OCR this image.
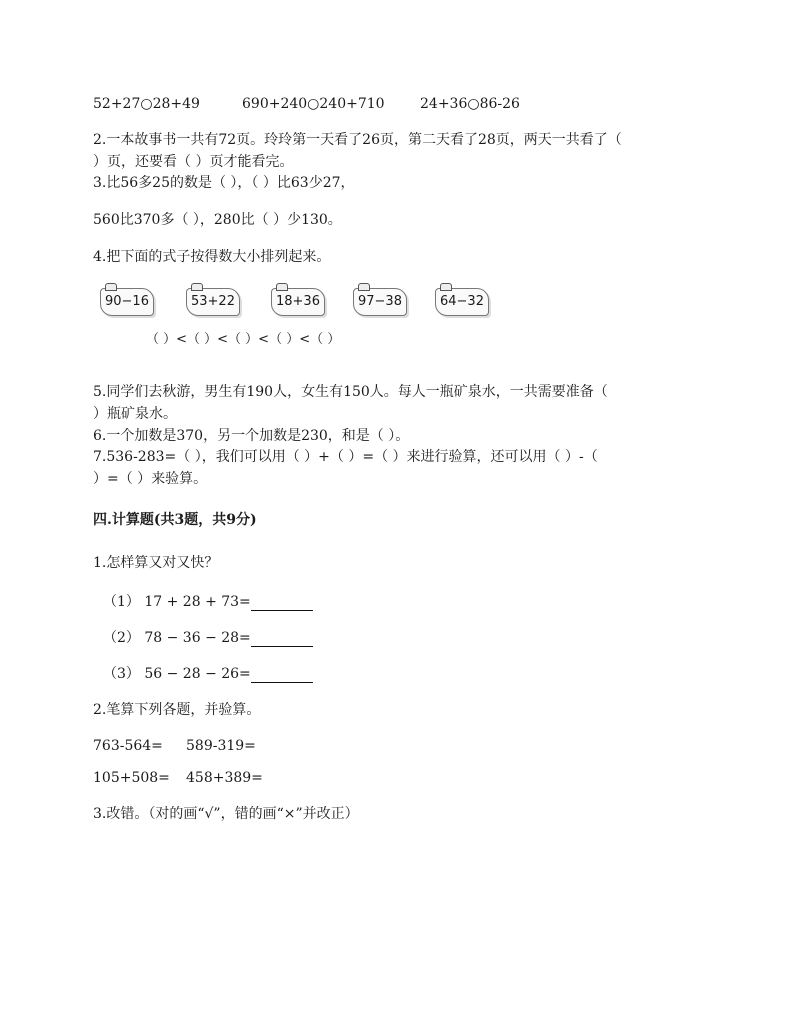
52+27○28+49	690+240○240+710	24+36○86-26
2.一本故事书一共有72页。玲玲第一天看了26页，第二天看了28页，两天一共看了（
）页，还要看（ ）页才能看完。
3.比56多25的数是（ ），（ ）比63少27，
560比370多（ ），280比（ ）少130。
4.把下面的式子按得数大小排列起来。
90−16	53+22	18+36	97−38	64−32
（ ）<（ ）<（ ）<（ ）<（ ）
5.同学们去秋游，男生有190人，女生有150人。每人一瓶矿泉水，一共需要准备（
）瓶矿泉水。
6.一个加数是370，另一个加数是230，和是（ ）。
7.536-283=（ ），我们可以用（ ）+（ ）=（ ）来进行验算，还可以用（ ）-（
）=（ ）来验算。
四.计算题(共3题，共9分)
1.怎样算又对又快？
（1） 17 + 28 + 73=
（2） 78 − 36 − 28=
（3） 56 − 28 − 26=
2.笔算下列各题，并验算。
763-564= 589-319=
105+508= 458+389=
3.改错。（对的画“√”，错的画“×”并改正）
